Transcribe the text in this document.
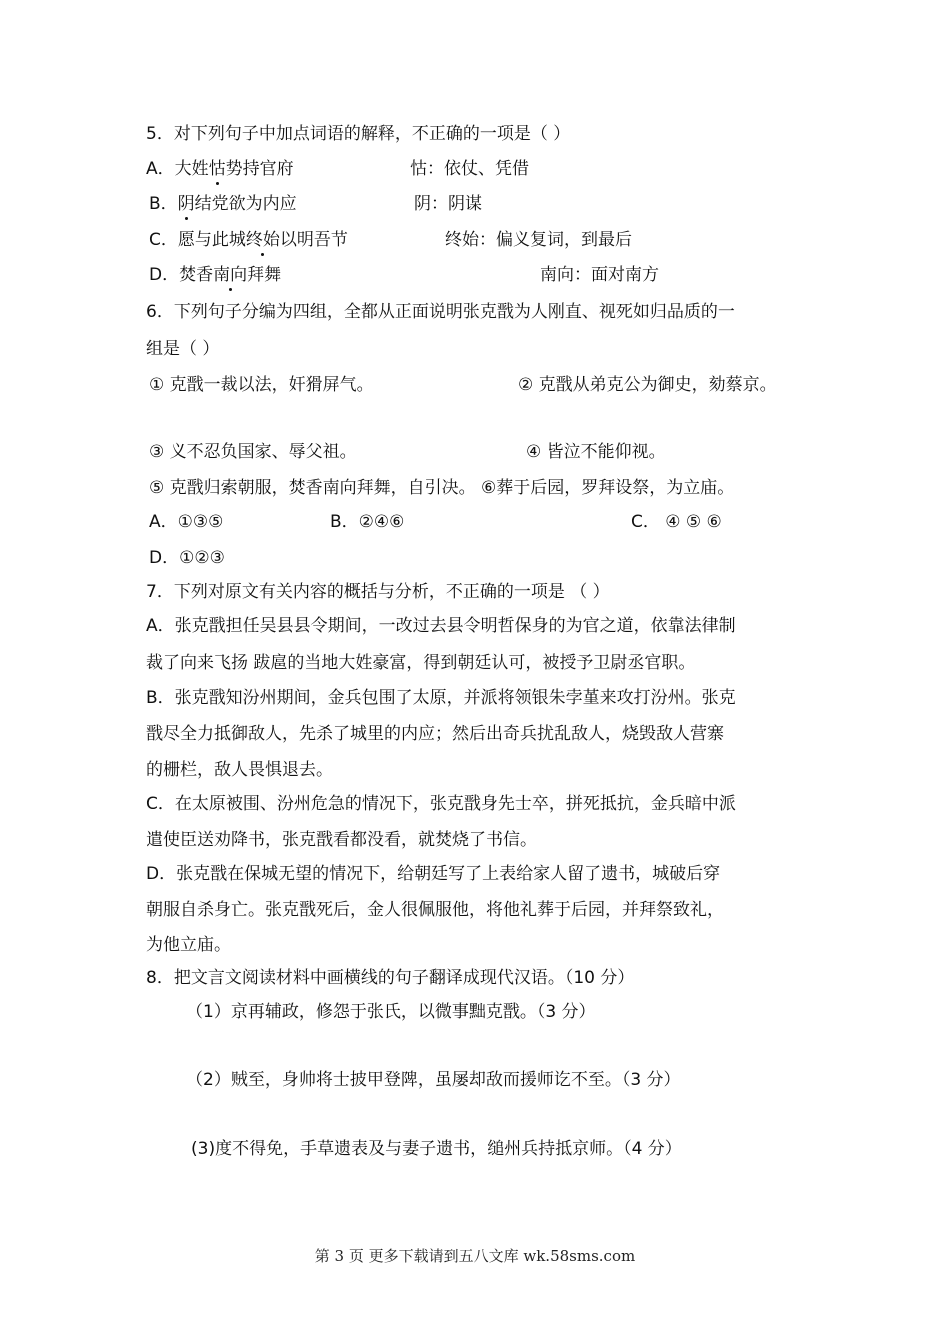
5．对下列句子中加点词语的解释，不正确的一项是（ ）
A．大姓怙势持官府	怙：依仗、凭借
B．阴结党欲为内应	阴：阴谋
C．愿与此城终始以明吾节	终始：偏义复词，到最后
D．焚香南向拜舞	南向：面对南方
6．下列句子分编为四组，全都从正面说明张克戬为人刚直、视死如归品质的一
组是（ ）
① 克戬一裁以法，奸猾屏气。	② 克戬从弟克公为御史，劾蔡京。
③ 义不忍负国家、辱父祖。	④ 皆泣不能仰视。
⑤ 克戬归索朝服，焚香南向拜舞，自引决。 ⑥葬于后园，罗拜设祭，为立庙。
A．①③⑤	B．②④⑥	C． ④ ⑤ ⑥
D．①②③
7．下列对原文有关内容的概括与分析，不正确的一项是 （ ）
A．张克戬担任吴县县令期间，一改过去县令明哲保身的为官之道，依靠法律制
裁了向来飞扬 跋扈的当地大姓豪富，得到朝廷认可，被授予卫尉丞官职。
B．张克戬知汾州期间，金兵包围了太原，并派将领银朱孛堇来攻打汾州。张克
戬尽全力抵御敌人，先杀了城里的内应；然后出奇兵扰乱敌人，烧毁敌人营寨
的栅栏，敌人畏惧退去。
C．在太原被围、汾州危急的情况下，张克戬身先士卒，拼死抵抗，金兵暗中派
遣使臣送劝降书，张克戬看都没看，就焚烧了书信。
D．张克戬在保城无望的情况下，给朝廷写了上表给家人留了遗书，城破后穿
朝服自杀身亡。张克戬死后，金人很佩服他，将他礼葬于后园，并拜祭致礼，
为他立庙。
8．把文言文阅读材料中画横线的句子翻译成现代汉语。（10 分）
（1）京再辅政，修怨于张氏，以微事黜克戬。（3 分）
（2）贼至，身帅将士披甲登陴，虽屡却敌而援师讫不至。（3 分）
(3)度不得免，手草遗表及与妻子遗书，缒州兵持抵京师。（4 分）
第 3 页 更多下载请到五八文库 wk.58sms.com
